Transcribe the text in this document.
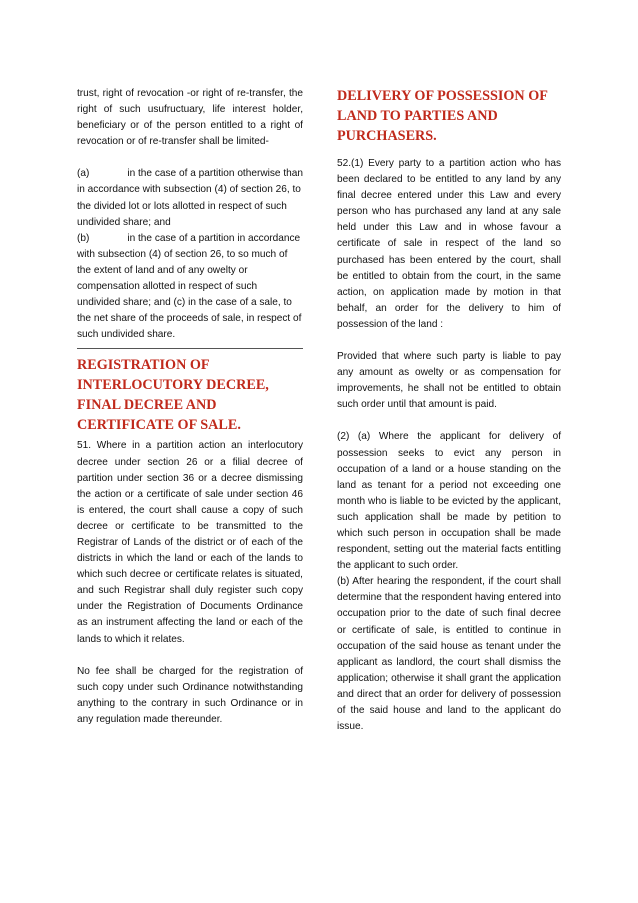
trust, right of revocation -or right of re-transfer, the right of such usufructuary, life interest holder, beneficiary or of the person entitled to a right of revocation or of re-transfer shall be limited-

(a)	in the case of a partition otherwise than in accordance with subsection (4) of section 26, to the divided lot or lots allotted in respect of such undivided share; and

(b)	in the case of a partition in accordance with subsection (4) of section 26, to so much of the extent of land and of any owelty or compensation allotted in respect of such undivided share; and (c) in the case of a sale, to the net share of the proceeds of sale, in respect of such undivided share.

REGISTRATION OF
INTERLOCUTORY DECREE,
FINAL DECREE AND
CERTIFICATE OF SALE.

51. Where in a partition action an interlocutory decree under section 26 or a filial decree of partition under section 36 or a decree dismissing the action or a certificate of sale under section 46 is entered, the court shall cause a copy of such decree or certificate to be transmitted to the Registrar of Lands of the district or of each of the districts in which the land or each of the lands to which such decree or certificate relates is situated, and such Registrar shall duly register such copy under the Registration of Documents Ordinance as an instrument affecting the land or each of the lands to which it relates.

No fee shall be charged for the registration of such copy under such Ordinance notwithstanding anything to the contrary in such Ordinance or in any regulation made thereunder.

DELIVERY OF POSSESSION OF
LAND TO PARTIES AND
PURCHASERS.

52.(1) Every party to a partition action who has been declared to be entitled to any land by any final decree entered under this Law and every person who has purchased any land at any sale held under this Law and in whose favour a certificate of sale in respect of the land so purchased has been entered by the court, shall be entitled to obtain from the court, in the same action, on application made by motion in that behalf, an order for the delivery to him of possession of the land :

Provided that where such party is liable to pay any amount as owelty or as compensation for improvements, he shall not be entitled to obtain such order until that amount is paid.

(2) (a) Where the applicant for delivery of possession seeks to evict any person in occupation of a land or a house standing on the land as tenant for a period not exceeding one month who is liable to be evicted by the applicant, such application shall be made by petition to which such person in occupation shall be made respondent, setting out the material facts entitling the applicant to such order.

(b) After hearing the respondent, if the court shall determine that the respondent having entered into occupation prior to the date of such final decree or certificate of sale, is entitled to continue in occupation of the said house as tenant under the applicant as landlord, the court shall dismiss the application; otherwise it shall grant the application and direct that an order for delivery of possession of the said house and land to the applicant do issue.
